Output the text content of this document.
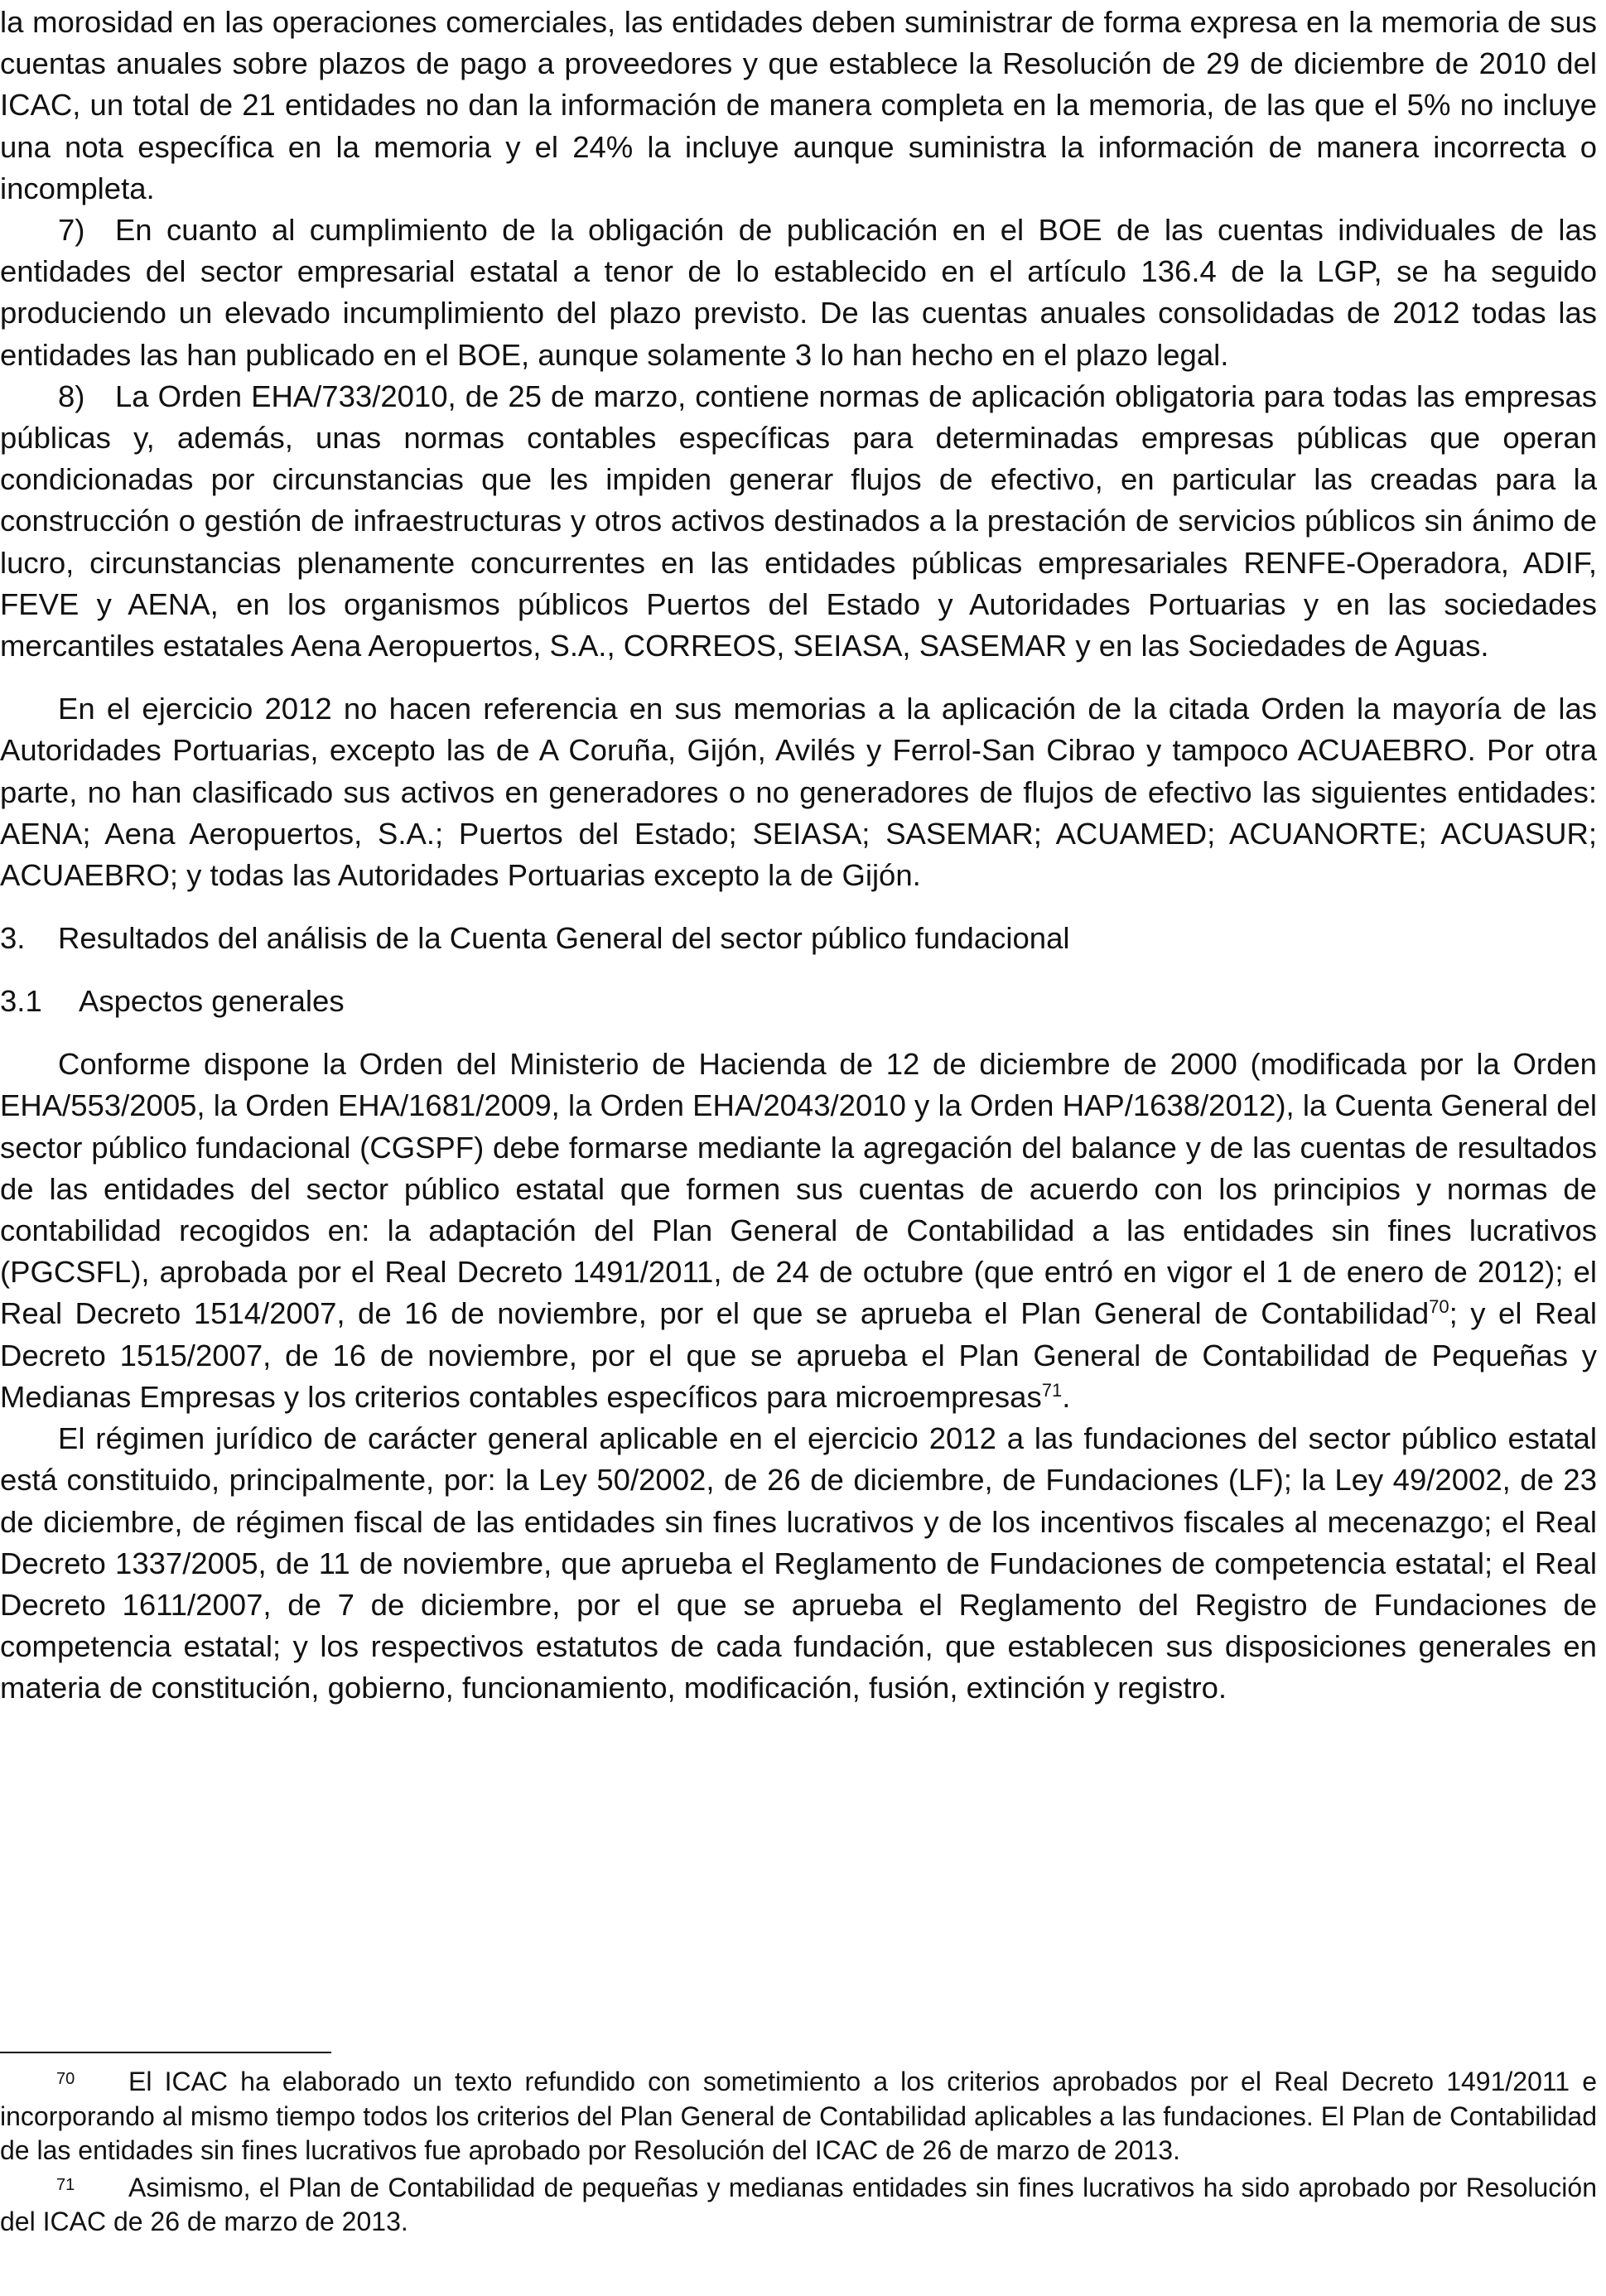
la morosidad en las operaciones comerciales, las entidades deben suministrar de forma expresa en la memoria de sus cuentas anuales sobre plazos de pago a proveedores y que establece la Resolución de 29 de diciembre de 2010 del ICAC, un total de 21 entidades no dan la información de manera completa en la memoria, de las que el 5% no incluye una nota específica en la memoria y el 24% la incluye aunque suministra la información de manera incorrecta o incompleta.

7) En cuanto al cumplimiento de la obligación de publicación en el BOE de las cuentas individuales de las entidades del sector empresarial estatal a tenor de lo establecido en el artículo 136.4 de la LGP, se ha seguido produciendo un elevado incumplimiento del plazo previsto. De las cuentas anuales consolidadas de 2012 todas las entidades las han publicado en el BOE, aunque solamente 3 lo han hecho en el plazo legal.

8) La Orden EHA/733/2010, de 25 de marzo, contiene normas de aplicación obligatoria para todas las empresas públicas y, además, unas normas contables específicas para determinadas empresas públicas que operan condicionadas por circunstancias que les impiden generar flujos de efectivo, en particular las creadas para la construcción o gestión de infraestructuras y otros activos destinados a la prestación de servicios públicos sin ánimo de lucro, circunstancias plenamente concurrentes en las entidades públicas empresariales RENFE-Operadora, ADIF, FEVE y AENA, en los organismos públicos Puertos del Estado y Autoridades Portuarias y en las sociedades mercantiles estatales Aena Aeropuertos, S.A., CORREOS, SEIASA, SASEMAR y en las Sociedades de Aguas.

En el ejercicio 2012 no hacen referencia en sus memorias a la aplicación de la citada Orden la mayoría de las Autoridades Portuarias, excepto las de A Coruña, Gijón, Avilés y Ferrol-San Cibrao y tampoco ACUAEBRO. Por otra parte, no han clasificado sus activos en generadores o no generadores de flujos de efectivo las siguientes entidades: AENA; Aena Aeropuertos, S.A.; Puertos del Estado; SEIASA; SASEMAR; ACUAMED; ACUANORTE; ACUASUR; ACUAEBRO; y todas las Autoridades Portuarias excepto la de Gijón.

3. Resultados del análisis de la Cuenta General del sector público fundacional
3.1 Aspectos generales

Conforme dispone la Orden del Ministerio de Hacienda de 12 de diciembre de 2000 (modificada por la Orden EHA/553/2005, la Orden EHA/1681/2009, la Orden EHA/2043/2010 y la Orden HAP/1638/2012), la Cuenta General del sector público fundacional (CGSPF) debe formarse mediante la agregación del balance y de las cuentas de resultados de las entidades del sector público estatal que formen sus cuentas de acuerdo con los principios y normas de contabilidad recogidos en: la adaptación del Plan General de Contabilidad a las entidades sin fines lucrativos (PGCSFL), aprobada por el Real Decreto 1491/2011, de 24 de octubre (que entró en vigor el 1 de enero de 2012); el Real Decreto 1514/2007, de 16 de noviembre, por el que se aprueba el Plan General de Contabilidad$^{70}$; y el Real Decreto 1515/2007, de 16 de noviembre, por el que se aprueba el Plan General de Contabilidad de Pequeñas y Medianas Empresas y los criterios contables específicos para microempresas$^{71}$.

El régimen jurídico de carácter general aplicable en el ejercicio 2012 a las fundaciones del sector público estatal está constituido, principalmente, por: la Ley 50/2002, de 26 de diciembre, de Fundaciones (LF); la Ley 49/2002, de 23 de diciembre, de régimen fiscal de las entidades sin fines lucrativos y de los incentivos fiscales al mecenazgo; el Real Decreto 1337/2005, de 11 de noviembre, que aprueba el Reglamento de Fundaciones de competencia estatal; el Real Decreto 1611/2007, de 7 de diciembre, por el que se aprueba el Reglamento del Registro de Fundaciones de competencia estatal; y los respectivos estatutos de cada fundación, que establecen sus disposiciones generales en materia de constitución, gobierno, funcionamiento, modificación, fusión, extinción y registro.

70 El ICAC ha elaborado un texto refundido con sometimiento a los criterios aprobados por el Real Decreto 1491/2011 e incorporando al mismo tiempo todos los criterios del Plan General de Contabilidad aplicables a las fundaciones. El Plan de Contabilidad de las entidades sin fines lucrativos fue aprobado por Resolución del ICAC de 26 de marzo de 2013.

71 Asimismo, el Plan de Contabilidad de pequeñas y medianas entidades sin fines lucrativos ha sido aprobado por Resolución del ICAC de 26 de marzo de 2013.
